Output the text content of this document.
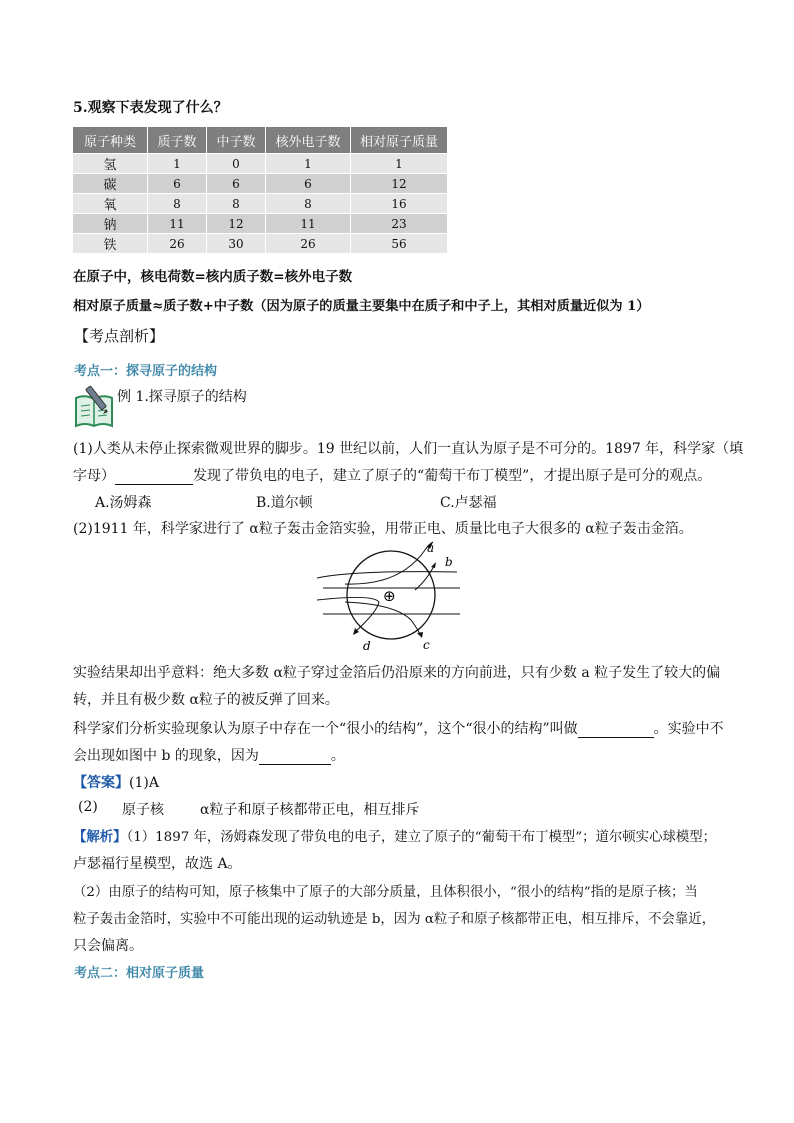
5.观察下表发现了什么？
原子种类	质子数	中子数	核外电子数	相对原子质量
氢	1	0	1	1
碳	6	6	6	12
氧	8	8	8	16
钠	11	12	11	23
铁	26	30	26	56
在原子中，核电荷数=核内质子数=核外电子数
相对原子质量≈质子数+中子数（因为原子的质量主要集中在质子和中子上，其相对质量近似为 1）
【考点剖析】
考点一：探寻原子的结构
例 1.探寻原子的结构
(1)人类从未停止探索微观世界的脚步。19 世纪以前，人们一直认为原子是不可分的。1897 年，科学家（填
字母）	发现了带负电的电子，建立了原子的“葡萄干布丁模型”，才提出原子是可分的观点。
A.汤姆森	B.道尔顿	C.卢瑟福
(2)1911 年，科学家进行了 α粒子轰击金箔实验，用带正电、质量比电子大很多的 α粒子轰击金箔。
⊕
a
b
c
d
实验结果却出乎意料：绝大多数 α粒子穿过金箔后仍沿原来的方向前进，只有少数 a 粒子发生了较大的偏
转，并且有极少数 α粒子的被反弹了回来。
科学家们分析实验现象认为原子中存在一个“很小的结构”，这个“很小的结构”叫做	。实验中不
会出现如图中 b 的现象，因为	。
【答案】(1)A
(2) 原子核	α粒子和原子核都带正电，相互排斥
【解析】（1）1897 年，汤姆森发现了带负电的电子，建立了原子的“葡萄干布丁模型”；道尔顿实心球模型；
卢瑟福行星模型，故选 A。
（2）由原子的结构可知，原子核集中了原子的大部分质量，且体积很小，“很小的结构”指的是原子核；当
粒子轰击金箔时，实验中不可能出现的运动轨迹是 b，因为 α粒子和原子核都带正电，相互排斥，不会靠近，
只会偏离。
考点二：相对原子质量
